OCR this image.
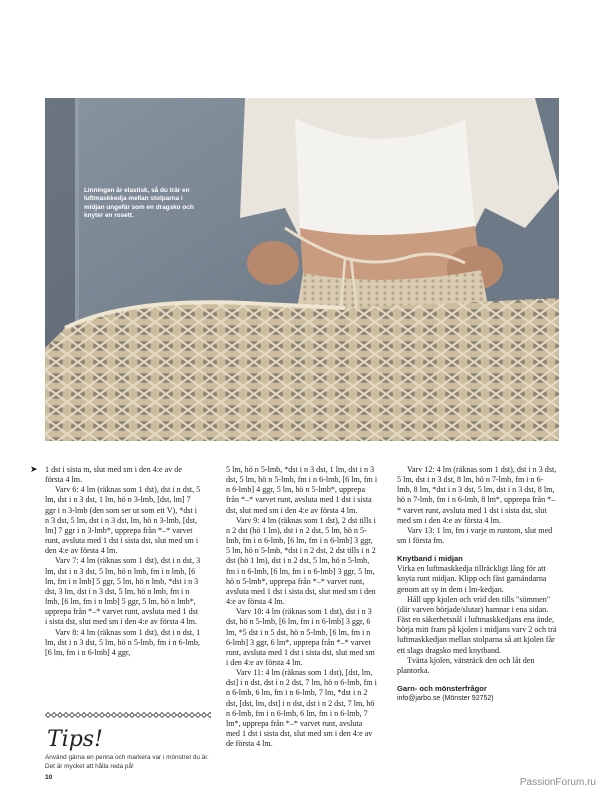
Linningen är elastisk, så du trär en luftmaskkedja mellan stolparna i midjan ungefär som en dragsko och knyter en rosett.
➤ 1 dst i sista m, slut med sm i den 4:e av de första 4 lm.

Varv 6: 4 lm (räknas som 1 dst), dst i n dst, 5 lm, dst i n 3 dst, 1 lm, hö n 3-lmb, [dst, lm] 7 ggr i n 3-lmb (den som ser ut som ett V), *dst i n 3 dst, 5 lm, dst i n 3 dst, lm, hö n 3-lmb, [dst, lm] 7 ggr i n 3-lmb*, upprepa från *–* varvet runt, avsluta med 1 dst i sista dst, slut med sm i den 4:e av första 4 lm.

Varv 7: 4 lm (räknas som 1 dst), dst i n dst, 3 lm, dst i n 3 dst, 5 lm, hö n lmb, fm i n lmb, [6 lm, fm i n lmb] 5 ggr, 5 lm, hö n lmb, *dst i n 3 dst, 3 lm, dst i n 3 dst, 5 lm, hö n lmb, fm i n lmb, [6 lm, fm i n lmb] 5 ggr, 5 lm, hö n lmb*, upprepa från *–* varvet runt, avsluta med 1 dst i sista dst, slut med sm i den 4:e av första 4 lm.

Varv 8: 4 lm (räknas som 1 dst), dst i n dst, 1 lm, dst i n 3 dst, 5 lm, hö n 5-lmb, fm i n 6-lmb, [6 lm, fm i n 6-lmb] 4 ggr,

5 lm, hö n 5-lmb, *dst i n 3 dst, 1 lm, dst i n 3 dst, 5 lm, hö n 5-lmb, fm i n 6-lmb, [6 lm, fm i n 6-lmb] 4 ggr, 5 lm, hö n 5-lmb*, upprepa från *–* varvet runt, avsluta med 1 dst i sista dst, slut med sm i den 4:e av första 4 lm.

Varv 9: 4 lm (räknas som 1 dst), 2 dst tills i n 2 dst (hö 1 lm), dst i n 2 dst, 5 lm, hö n 5-lmb, fm i n 6-lmb, [6 lm, fm i n 6-lmb] 3 ggr, 5 lm, hö n 5-lmb, *dst i n 2 dst, 2 dst tills i n 2 dst (hö 1 lm), dst i n 2 dst, 5 lm, hö n 5-lmb, fm i n 6-lmb, [6 lm, fm i n 6-lmb] 3 ggr, 5 lm, hö n 5-lmb*, upprepa från *–* varvet runt, avsluta med 1 dst i sista dst, slut med sm i den 4:e av första 4 lm.

Varv 10: 4 lm (räknas som 1 dst), dst i n 3 dst, hö n 5-lmb, [6 lm, fm i n 6-lmb] 3 ggr, 6 lm, *5 dst i n 5 dst, hö n 5-lmb, [6 lm, fm i n 6-lmb] 3 ggr, 6 lm*, upprepa från *–* varvet runt, avsluta med 1 dst i sista dst, slut med sm i den 4:e av första 4 lm.

Varv 11: 4 lm (räknas som 1 dst), [dst, lm, dst] i n dst, dst i n 2 dst, 7 lm, hö n 6-lmb, fm i n 6-lmb, 6 lm, fm i n 6-lmb, 7 lm, *dst i n 2 dst, [dst, lm, dst] i n dst, dst i n 2 dst, 7 lm, hö n 6-lmb, fm i n 6-lmb, 6 lm, fm i n 6-lmb, 7 lm*, upprepa från *–* varvet runt, avsluta med 1 dst i sista dst, slut med sm i den 4:e av de första 4 lm.

Varv 12: 4 lm (räknas som 1 dst), dst i n 3 dst, 5 lm, dst i n 3 dst, 8 lm, hö n 7-lmb, fm i n 6-lmb, 8 lm, *dst i n 3 dst, 5 lm, dst i n 3 dst, 8 lm, hö n 7-lmb, fm i n 6-lmb, 8 lm*, upprepa från *–* varvet runt, avsluta med 1 dst i sista dst, slut med sm i den 4:e av första 4 lm.

Varv 13: 1 lm, fm i varje m runtom, slut med sm i första fm.

Knytband i midjan

Virka en luftmaskkedja tillräckligt lång för att knyta runt midjan. Klipp och fäst garnändarna genom att sy in dem i lm-kedjan.

Håll upp kjolen och vrid den tills "sömmen" (där varven började/slutar) hamnar i ena sidan. Fäst en säkerhetsnål i luftmaskkedjans ena ände, börja mitt fram på kjolen i midjans varv 2 och trä luftmaskkedjan mellan stolparna så att kjolen får ett slags dragsko med knytband.

Tvätta kjolen, vätsträck den och låt den plantorka.

Garn- och mönsterfrågor

info@jarbo.se (Mönster 92752)

Tips!
Använd gärna en penna och markera var i mönstret du är. Det är mycket att hålla reda på!
10	PassionForum.ru
